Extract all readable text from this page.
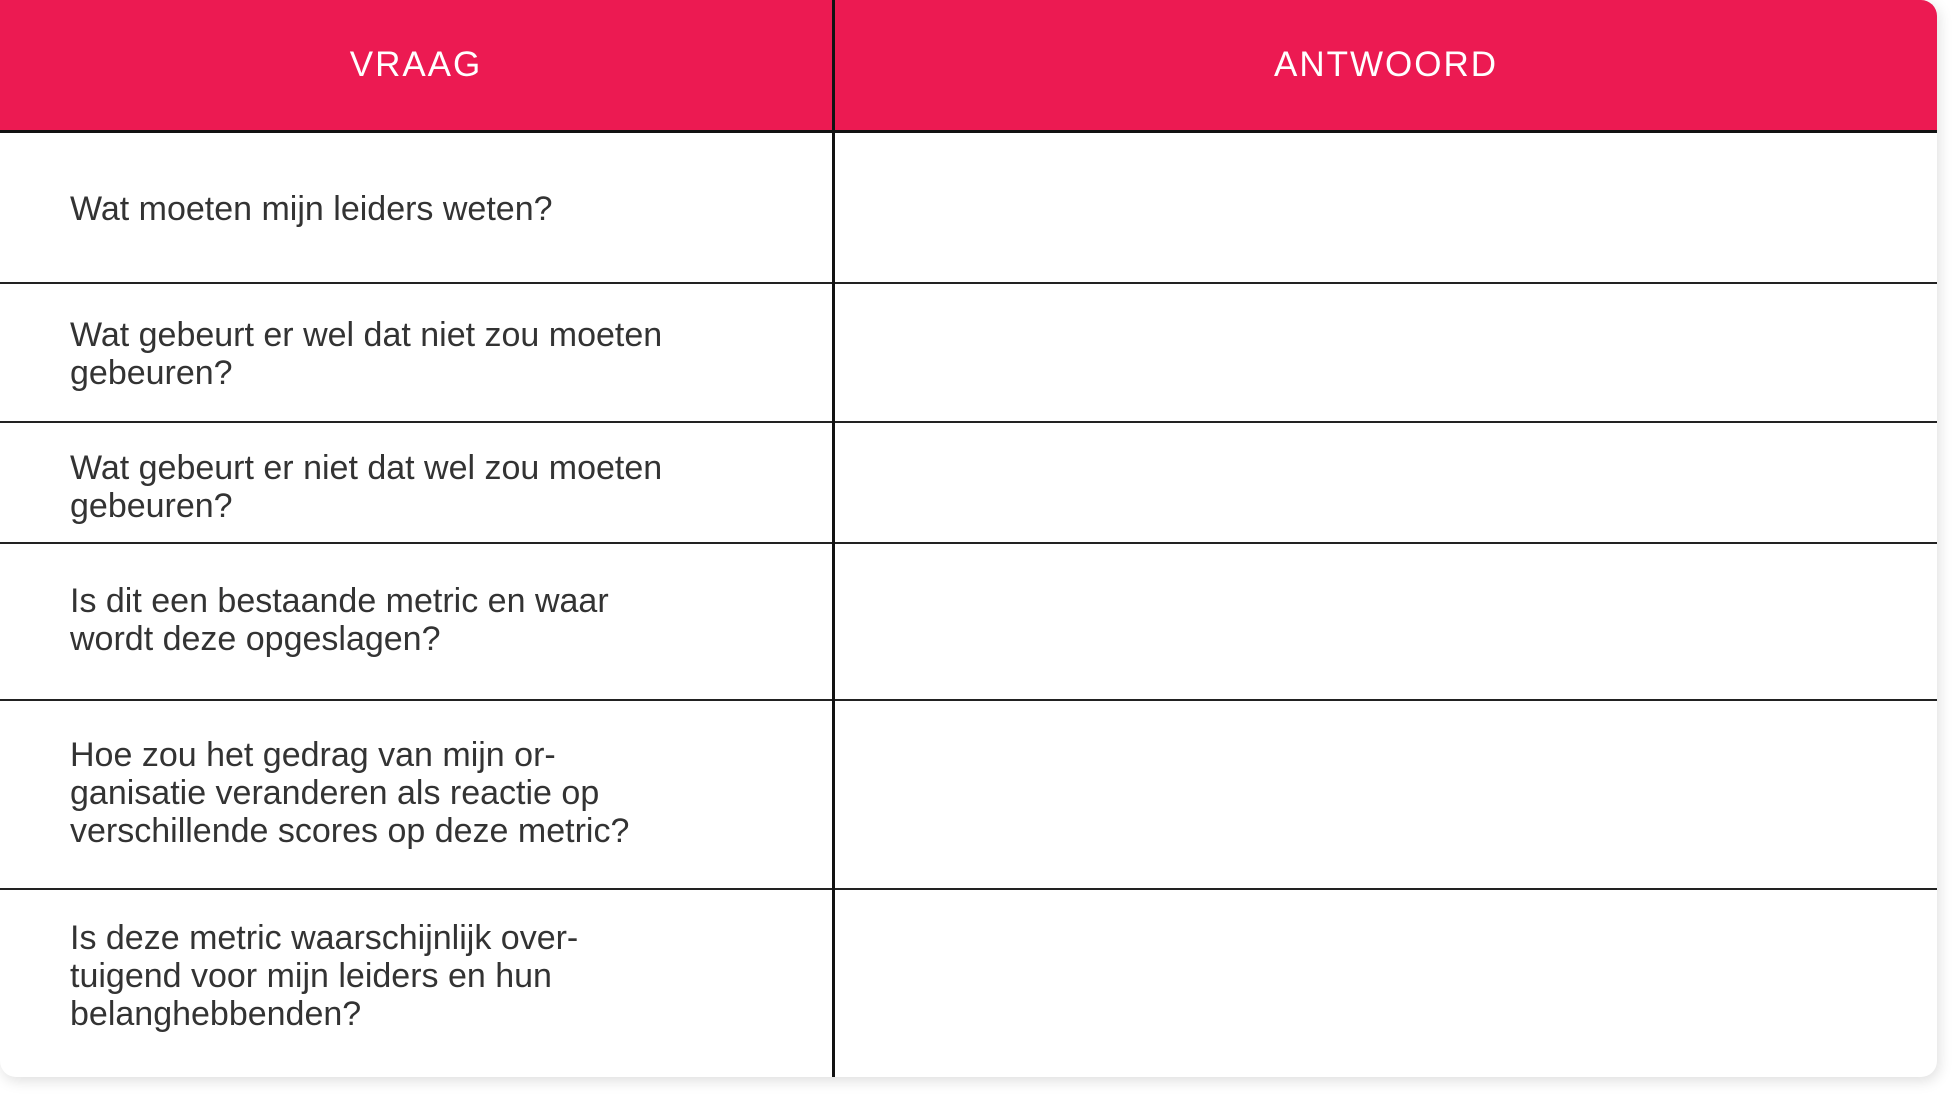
VRAAG	ANTWOORD
Wat moeten mijn leiders weten?
Wat gebeurt er wel dat niet zou moeten
gebeuren?
Wat gebeurt er niet dat wel zou moeten
gebeuren?
Is dit een bestaande metric en waar
wordt deze opgeslagen?
Hoe zou het gedrag van mijn or-
ganisatie veranderen als reactie op
verschillende scores op deze metric?
Is deze metric waarschijnlijk over-
tuigend voor mijn leiders en hun
belanghebbenden?
